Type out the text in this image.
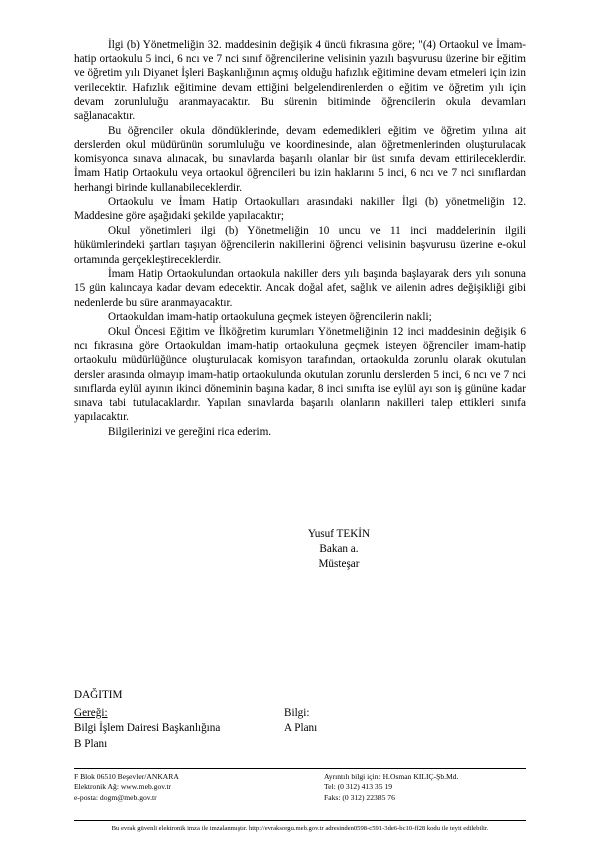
İlgi (b) Yönetmeliğin 32. maddesinin değişik 4 üncü fıkrasına göre; "(4) Ortaokul ve İmam-hatip ortaokulu 5 inci, 6 ncı ve 7 nci sınıf öğrencilerine velisinin yazılı başvurusu üzerine bir eğitim ve öğretim yılı Diyanet İşleri Başkanlığının açmış olduğu hafızlık eğitimine devam etmeleri için izin verilecektir. Hafızlık eğitimine devam ettiğini belgelendirenlerden o eğitim ve öğretim yılı için devam zorunluluğu aranmayacaktır. Bu sürenin bitiminde öğrencilerin okula devamları sağlanacaktır.

Bu öğrenciler okula döndüklerinde, devam edemedikleri eğitim ve öğretim yılına ait derslerden okul müdürünün sorumluluğu ve koordinesinde, alan öğretmenlerinden oluşturulacak komisyonca sınava alınacak, bu sınavlarda başarılı olanlar bir üst sınıfa devam ettirileceklerdir. İmam Hatip Ortaokulu veya ortaokul öğrencileri bu izin haklarını 5 inci, 6 ncı ve 7 nci sınıflardan herhangi birinde kullanabileceklerdir.

Ortaokulu ve İmam Hatip Ortaokulları arasındaki nakiller İlgi (b) yönetmeliğin 12. Maddesine göre aşağıdaki şekilde yapılacaktır;

Okul yönetimleri ilgi (b) Yönetmeliğin 10 uncu ve 11 inci maddelerinin ilgili hükümlerindeki şartları taşıyan öğrencilerin nakillerini öğrenci velisinin başvurusu üzerine e-okul ortamında gerçekleştireceklerdir.

İmam Hatip Ortaokulundan ortaokula nakiller ders yılı başında başlayarak ders yılı sonuna 15 gün kalıncaya kadar devam edecektir. Ancak doğal afet, sağlık ve ailenin adres değişikliği gibi nedenlerde bu süre aranmayacaktır.

Ortaokuldan imam-hatip ortaokuluna geçmek isteyen öğrencilerin nakli;

Okul Öncesi Eğitim ve İlköğretim kurumları Yönetmeliğinin 12 inci maddesinin değişik 6 ncı fıkrasına göre Ortaokuldan imam-hatip ortaokuluna geçmek isteyen öğrenciler imam-hatip ortaokulu müdürlüğünce oluşturulacak komisyon tarafından, ortaokulda zorunlu olarak okutulan dersler arasında olmayıp imam-hatip ortaokulunda okutulan zorunlu derslerden 5 inci, 6 ncı ve 7 nci sınıflarda eylül ayının ikinci döneminin başına kadar, 8 inci sınıfta ise eylül ayı son iş gününe kadar sınava tabi tutulacaklardır. Yapılan sınavlarda başarılı olanların nakilleri talep ettikleri sınıfa yapılacaktır.

Bilgilerinizi ve gereğini rica ederim.

Yusuf TEKİN
Bakan a.
Müsteşar
DAĞITIM
Gereği:
Bilgi İşlem Dairesi Başkanlığına
B Planı
Bilgi:
A Planı
F Blok 06510 Beşevler/ANKARA
Elektronik Ağ: www.meb.gov.tr
e-posta: dogm@meb.gov.tr
Ayrıntılı bilgi için: H.Osman KILIÇ-Şb.Md.
Tel: (0 312) 413 35 19
Faks: (0 312) 22385 76
Bu evrak güvenli elektronik imza ile imzalanmıştır. http://evraksorgu.meb.gov.tr adresinden0598-c591-3de6-bc10-ff28 kodu ile teyit edilebilir.
